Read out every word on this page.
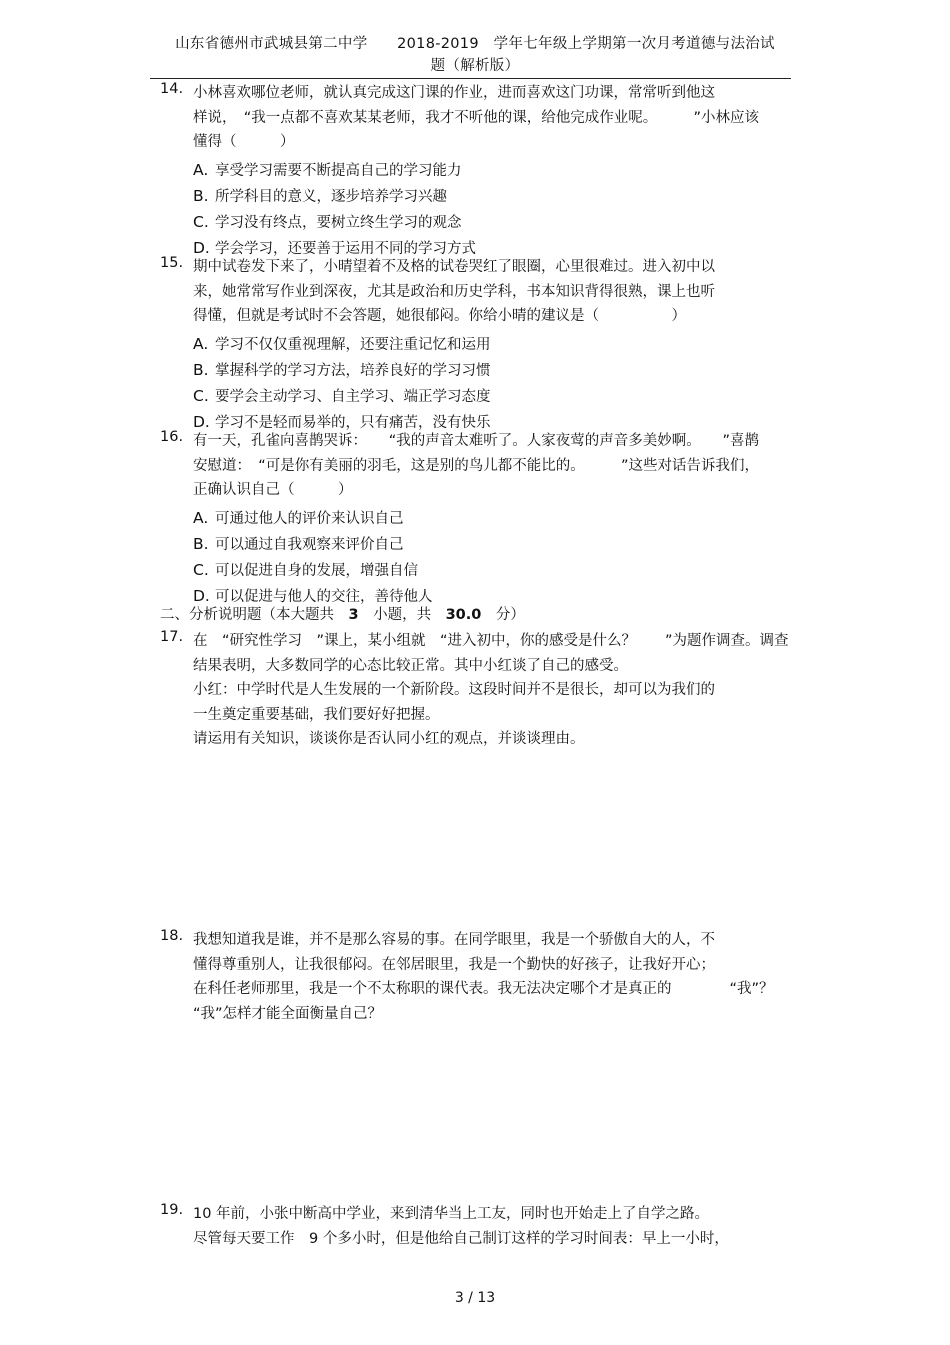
山东省德州市武城县第二中学　　2018-2019　学年七年级上学期第一次月考道德与法治试
题（解析版）
14. 小林喜欢哪位老师，就认真完成这门课的作业，进而喜欢这门功课，常常听到他这

样说，　“我一点都不喜欢某某老师，我才不听他的课，给他完成作业呢。　　　”小林应该

懂得（　　　）

A. 享受学习需要不断提高自己的学习能力
B. 所学科目的意义，逐步培养学习兴趣
C. 学习没有终点，要树立终生学习的观念
D. 学会学习，还要善于运用不同的学习方式
15. 期中试卷发下来了，小晴望着不及格的试卷哭红了眼圈，心里很难过。进入初中以

来，她常常写作业到深夜，尤其是政治和历史学科，书本知识背得很熟，课上也听

得懂，但就是考试时不会答题，她很郁闷。你给小晴的建议是（　　　　　）

A. 学习不仅仅重视理解，还要注重记忆和运用
B. 掌握科学的学习方法，培养良好的学习习惯
C. 要学会主动学习、自主学习、端正学习态度
D. 学习不是轻而易举的，只有痛苦，没有快乐
16. 有一天，孔雀向喜鹊哭诉：　　“我的声音太难听了。人家夜莺的声音多美妙啊。　　”喜鹊

安慰道：　“可是你有美丽的羽毛，这是别的鸟儿都不能比的。　　　”这些对话告诉我们，

正确认识自己（　　　）

A. 可通过他人的评价来认识自己
B. 可以通过自我观察来评价自己
C. 可以促进自身的发展，增强自信
D. 可以促进与他人的交往，善待他人
二、分析说明题（本大题共　3　小题，共　30.0　分）
17. 在　“研究性学习　”课上，某小组就　“进入初中，你的感受是什么？　　”为题作调查。调查

结果表明，大多数同学的心态比较正常。其中小红谈了自己的感受。

小红：中学时代是人生发展的一个新阶段。这段时间并不是很长，却可以为我们的

一生奠定重要基础，我们要好好把握。

请运用有关知识，谈谈你是否认同小红的观点，并谈谈理由。

18. 我想知道我是谁，并不是那么容易的事。在同学眼里，我是一个骄傲自大的人，不

懂得尊重别人，让我很郁闷。在邻居眼里，我是一个勤快的好孩子，让我好开心；

在科任老师那里，我是一个不太称职的课代表。我无法决定哪个才是真正的　　　　“我”？

“我”怎样才能全面衡量自己？

19. 10 年前，小张中断高中学业，来到清华当上工友，同时也开始走上了自学之路。

尽管每天要工作　9 个多小时，但是他给自己制订这样的学习时间表：早上一小时，

3 / 13
